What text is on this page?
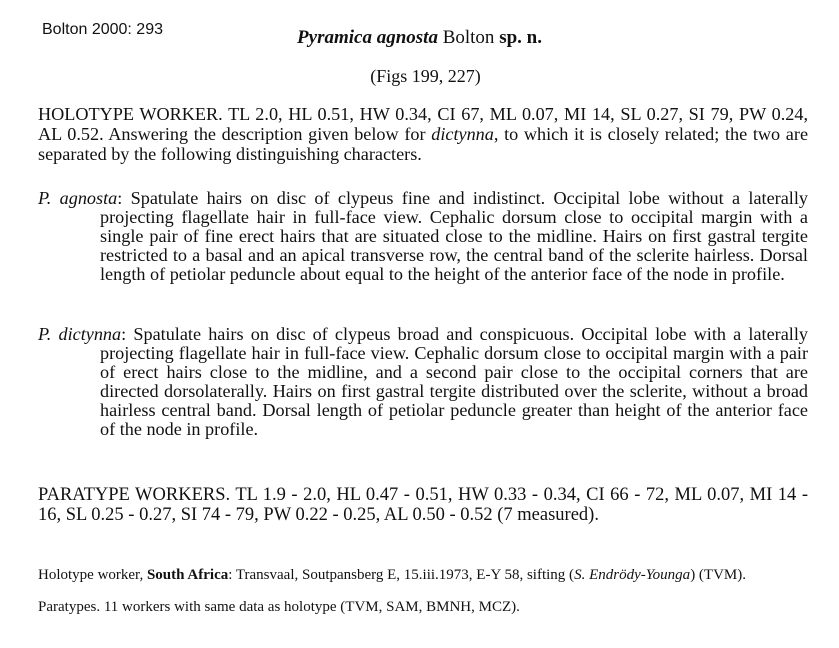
Bolton 2000: 293	Pyramica agnosta Bolton sp. n.
(Figs 199, 227)
HOLOTYPE WORKER. TL 2.0, HL 0.51, HW 0.34, CI 67, ML 0.07, MI 14, SL 0.27, SI 79, PW 0.24, AL 0.52. Answering the description given below for dictynna, to which it is closely related; the two are separated by the following distinguishing characters.
P. agnosta: Spatulate hairs on disc of clypeus fine and indistinct. Occipital lobe without a laterally projecting flagellate hair in full-face view. Cephalic dorsum close to occipital margin with a single pair of fine erect hairs that are situated close to the midline. Hairs on first gastral tergite restricted to a basal and an apical transverse row, the central band of the sclerite hairless. Dorsal length of petiolar peduncle about equal to the height of the anterior face of the node in profile.
P. dictynna: Spatulate hairs on disc of clypeus broad and conspicuous. Occipital lobe with a laterally projecting flagellate hair in full-face view. Cephalic dorsum close to occipital margin with a pair of erect hairs close to the midline, and a second pair close to the occipital corners that are directed dorsolaterally. Hairs on first gastral tergite distributed over the sclerite, without a broad hairless central band. Dorsal length of petiolar peduncle greater than height of the anterior face of the node in profile.
PARATYPE WORKERS. TL 1.9 - 2.0, HL 0.47 - 0.51, HW 0.33 - 0.34, CI 66 - 72, ML 0.07, MI 14 - 16, SL 0.25 - 0.27, SI 74 - 79, PW 0.22 - 0.25, AL 0.50 - 0.52 (7 measured).
Holotype worker, South Africa: Transvaal, Soutpansberg E, 15.iii.1973, E-Y 58, sifting (S. Endrödy-Younga) (TVM).
Paratypes. 11 workers with same data as holotype (TVM, SAM, BMNH, MCZ).
